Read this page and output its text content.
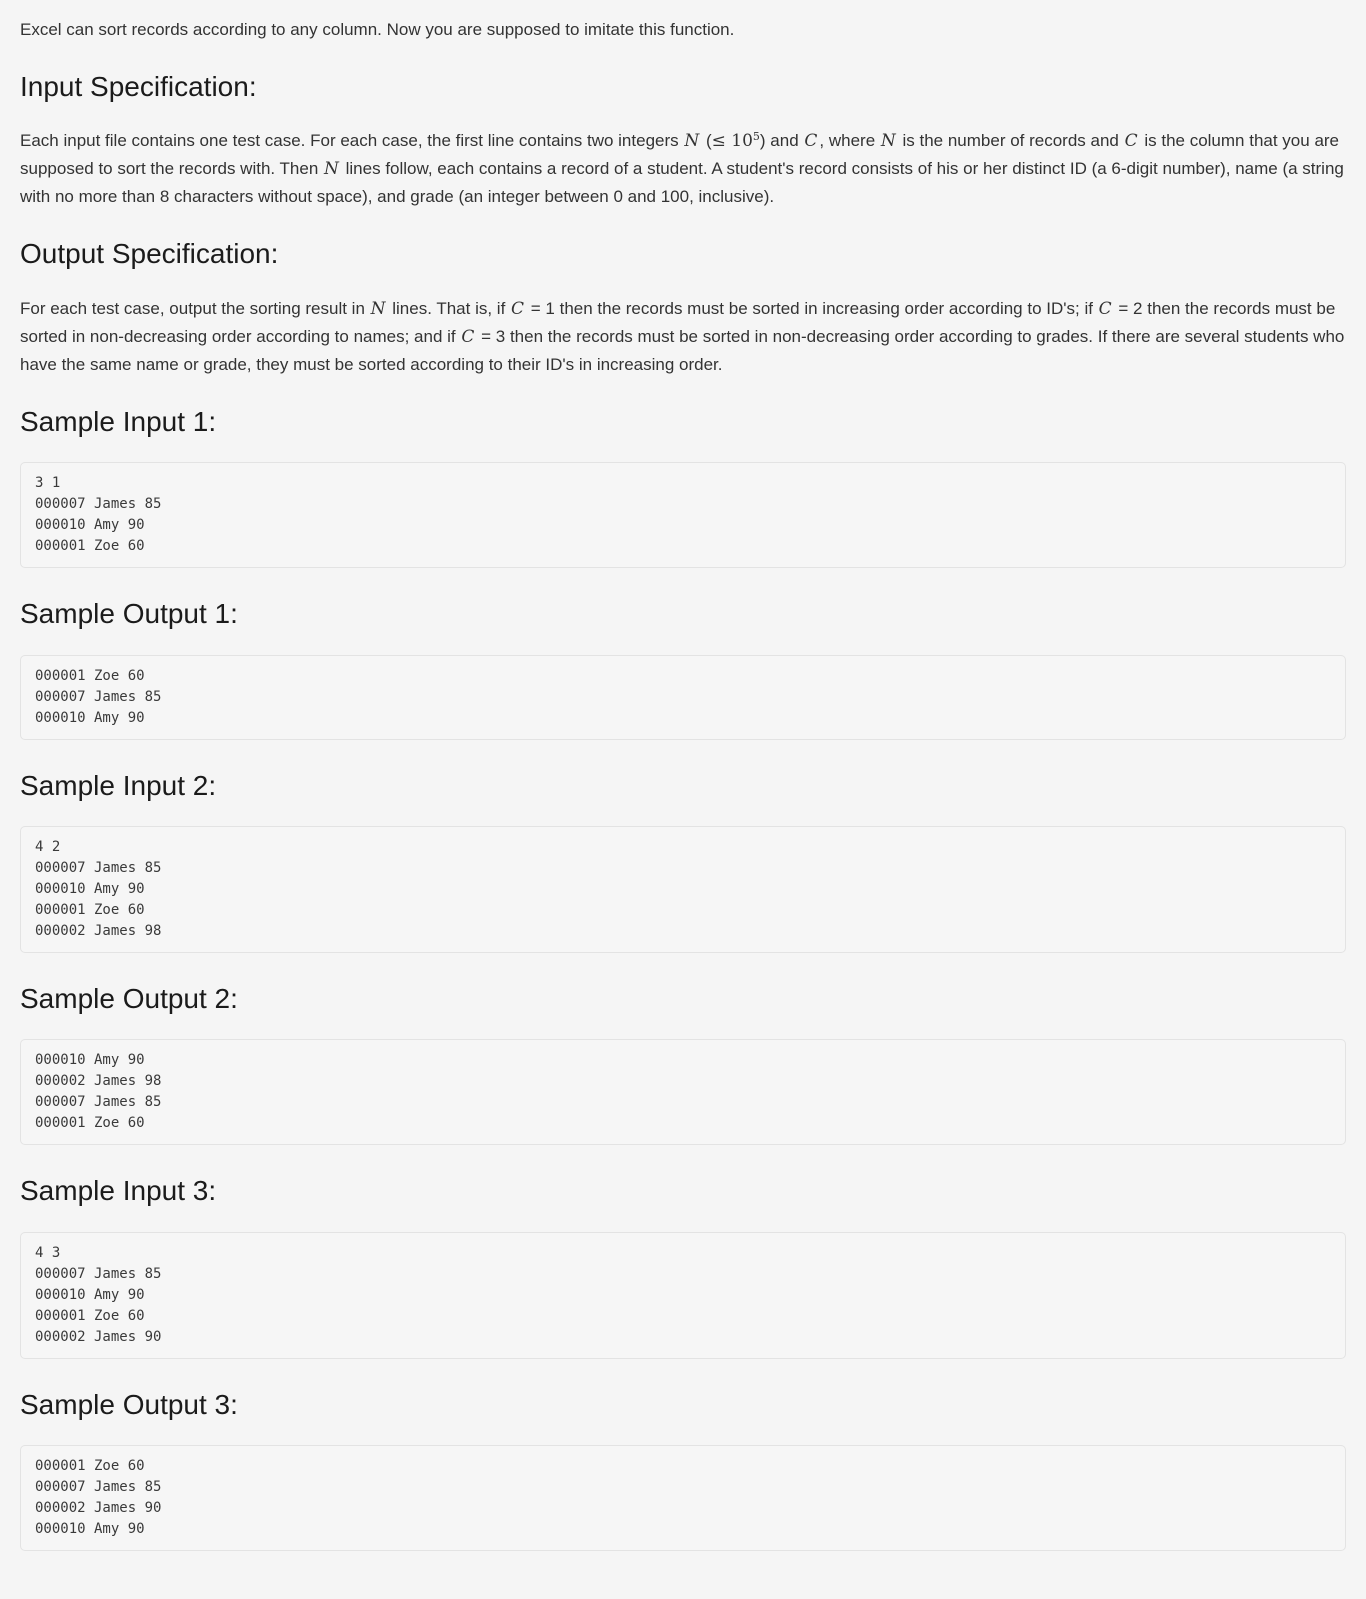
Excel can sort records according to any column. Now you are supposed to imitate this function.

Input Specification:

Each input file contains one test case. For each case, the first line contains two integers N (≤ $10^5$) and C , where N is the number of records and C is the column that you are supposed to sort the records with. Then N lines follow, each contains a record of a student. A student's record consists of his or her distinct ID (a 6-digit number), name (a string with no more than 8 characters without space), and grade (an integer between 0 and 100, inclusive).

Output Specification:

For each test case, output the sorting result in N lines. That is, if C = 1 then the records must be sorted in increasing order according to ID's; if C = 2 then the records must be sorted in non-decreasing order according to names; and if C = 3 then the records must be sorted in non-decreasing order according to grades. If there are several students who have the same name or grade, they must be sorted according to their ID's in increasing order.

Sample Input 1:
3 1
000007 James 85
000010 Amy 90
000001 Zoe 60
Sample Output 1:
000001 Zoe 60
000007 James 85
000010 Amy 90
Sample Input 2:
4 2
000007 James 85
000010 Amy 90
000001 Zoe 60
000002 James 98
Sample Output 2:
000010 Amy 90
000002 James 98
000007 James 85
000001 Zoe 60
Sample Input 3:
4 3
000007 James 85
000010 Amy 90
000001 Zoe 60
000002 James 90
Sample Output 3:
000001 Zoe 60
000007 James 85
000002 James 90
000010 Amy 90
